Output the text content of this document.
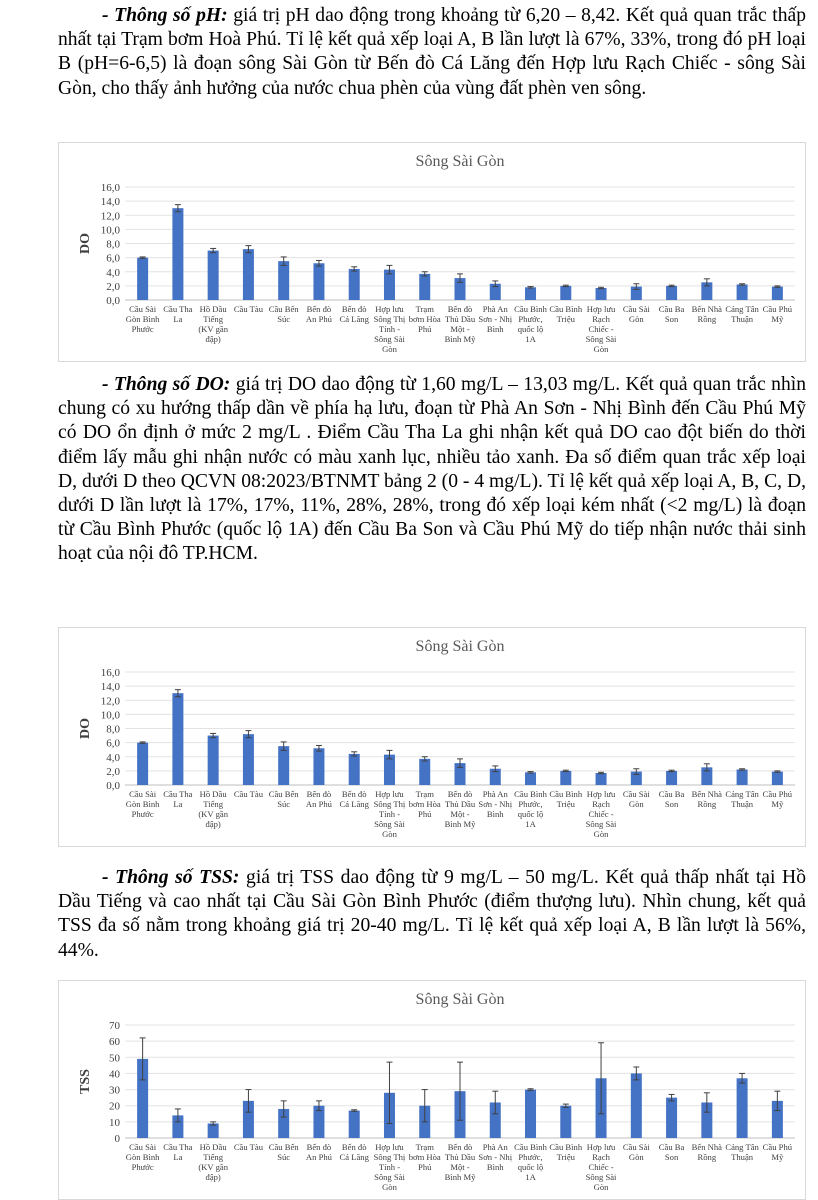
- Thông số pH: giá trị pH dao động trong khoảng từ 6,20 – 8,42. Kết quả quan trắc thấp nhất tại Trạm bơm Hoà Phú. Tỉ lệ kết quả xếp loại A, B lần lượt là 67%, 33%, trong đó pH loại B (pH=6-6,5) là đoạn sông Sài Gòn từ Bến đò Cá Lăng đến Hợp lưu Rạch Chiếc - sông Sài Gòn, cho thấy ảnh hưởng của nước chua phèn của vùng đất phèn ven sông.

Sông Sài Gòn
DO
0,0
2,0
4,0
6,0
8,0
10,0
12,0
14,0
16,0
Cầu Sài Gòn Bình Phước
Cầu Tha La
Hồ Dầu Tiếng (KV gần đập)
Cầu Tàu Cầu Bến Súc
Bến đò An Phú
Bến đò Cá Lăng
Hợp lưu Sông Thị Tính -Sông Sài Gòn
Trạm bơm Hòa Phú
Bến đò Thủ Dầu Một -Bình Mỹ
Phà An Sơn - Nhị Bình
Cầu Bình Phước, quốc lộ 1A
Cầu Bình Triệu
Hợp lưu Rạch Chiếc -Sông Sài Gòn
Cầu Sài Gòn
Cầu Ba Son
Bến Nhà Rồng
Cảng Tân Thuận
Cầu Phú Mỹ

- Thông số DO: giá trị DO dao động từ 1,60 mg/L – 13,03 mg/L. Kết quả quan trắc nhìn chung có xu hướng thấp dần về phía hạ lưu, đoạn từ Phà An Sơn - Nhị Bình đến Cầu Phú Mỹ có DO ổn định ở mức 2 mg/L . Điểm Cầu Tha La ghi nhận kết quả DO cao đột biến do thời điểm lấy mẫu ghi nhận nước có màu xanh lục, nhiều tảo xanh. Đa số điểm quan trắc xếp loại D, dưới D theo QCVN 08:2023/BTNMT bảng 2 (0 - 4 mg/L). Tỉ lệ kết quả xếp loại A, B, C, D, dưới D lần lượt là 17%, 17%, 11%, 28%, 28%, trong đó xếp loại kém nhất (<2 mg/L) là đoạn từ Cầu Bình Phước (quốc lộ 1A) đến Cầu Ba Son và Cầu Phú Mỹ do tiếp nhận nước thải sinh hoạt của nội đô TP.HCM.

Sông Sài Gòn
DO
0,0
2,0
4,0
6,0
8,0
10,0
12,0
14,0
16,0
Cầu Sài Gòn Bình Phước
Cầu Tha La
Hồ Dầu Tiếng (KV gần đập)
Cầu Tàu Cầu Bến Súc
Bến đò An Phú
Bến đò Cá Lăng
Hợp lưu Sông Thị Tính -Sông Sài Gòn
Trạm bơm Hòa Phú
Bến đò Thủ Dầu Một -Bình Mỹ
Phà An Sơn - Nhị Bình
Cầu Bình Phước, quốc lộ 1A
Cầu Bình Triệu
Hợp lưu Rạch Chiếc -Sông Sài Gòn
Cầu Sài Gòn
Cầu Ba Son
Bến Nhà Rồng
Cảng Tân Thuận
Cầu Phú Mỹ

- Thông số TSS: giá trị TSS dao động từ 9 mg/L – 50 mg/L. Kết quả thấp nhất tại Hồ Dầu Tiếng và cao nhất tại Cầu Sài Gòn Bình Phước (điểm thượng lưu). Nhìn chung, kết quả TSS đa số nằm trong khoảng giá trị 20-40 mg/L. Tỉ lệ kết quả xếp loại A, B lần lượt là 56%, 44%.

Sông Sài Gòn
TSS
0
10
20
30
40
50
60
70
Cầu Sài Gòn Bình Phước
Cầu Tha La
Hồ Dầu Tiếng (KV gần đập)
Cầu Tàu Cầu Bến Súc
Bến đò An Phú
Bến đò Cá Lăng
Hợp lưu Sông Thị Tính -Sông Sài Gòn
Trạm bơm Hòa Phú
Bến đò Thủ Dầu Một -Bình Mỹ
Phà An Sơn - Nhị Bình
Cầu Bình Phước, quốc lộ 1A
Cầu Bình Triệu
Hợp lưu Rạch Chiếc -Sông Sài Gòn
Cầu Sài Gòn
Cầu Ba Son
Bến Nhà Rồng
Cảng Tân Thuận
Cầu Phú Mỹ
